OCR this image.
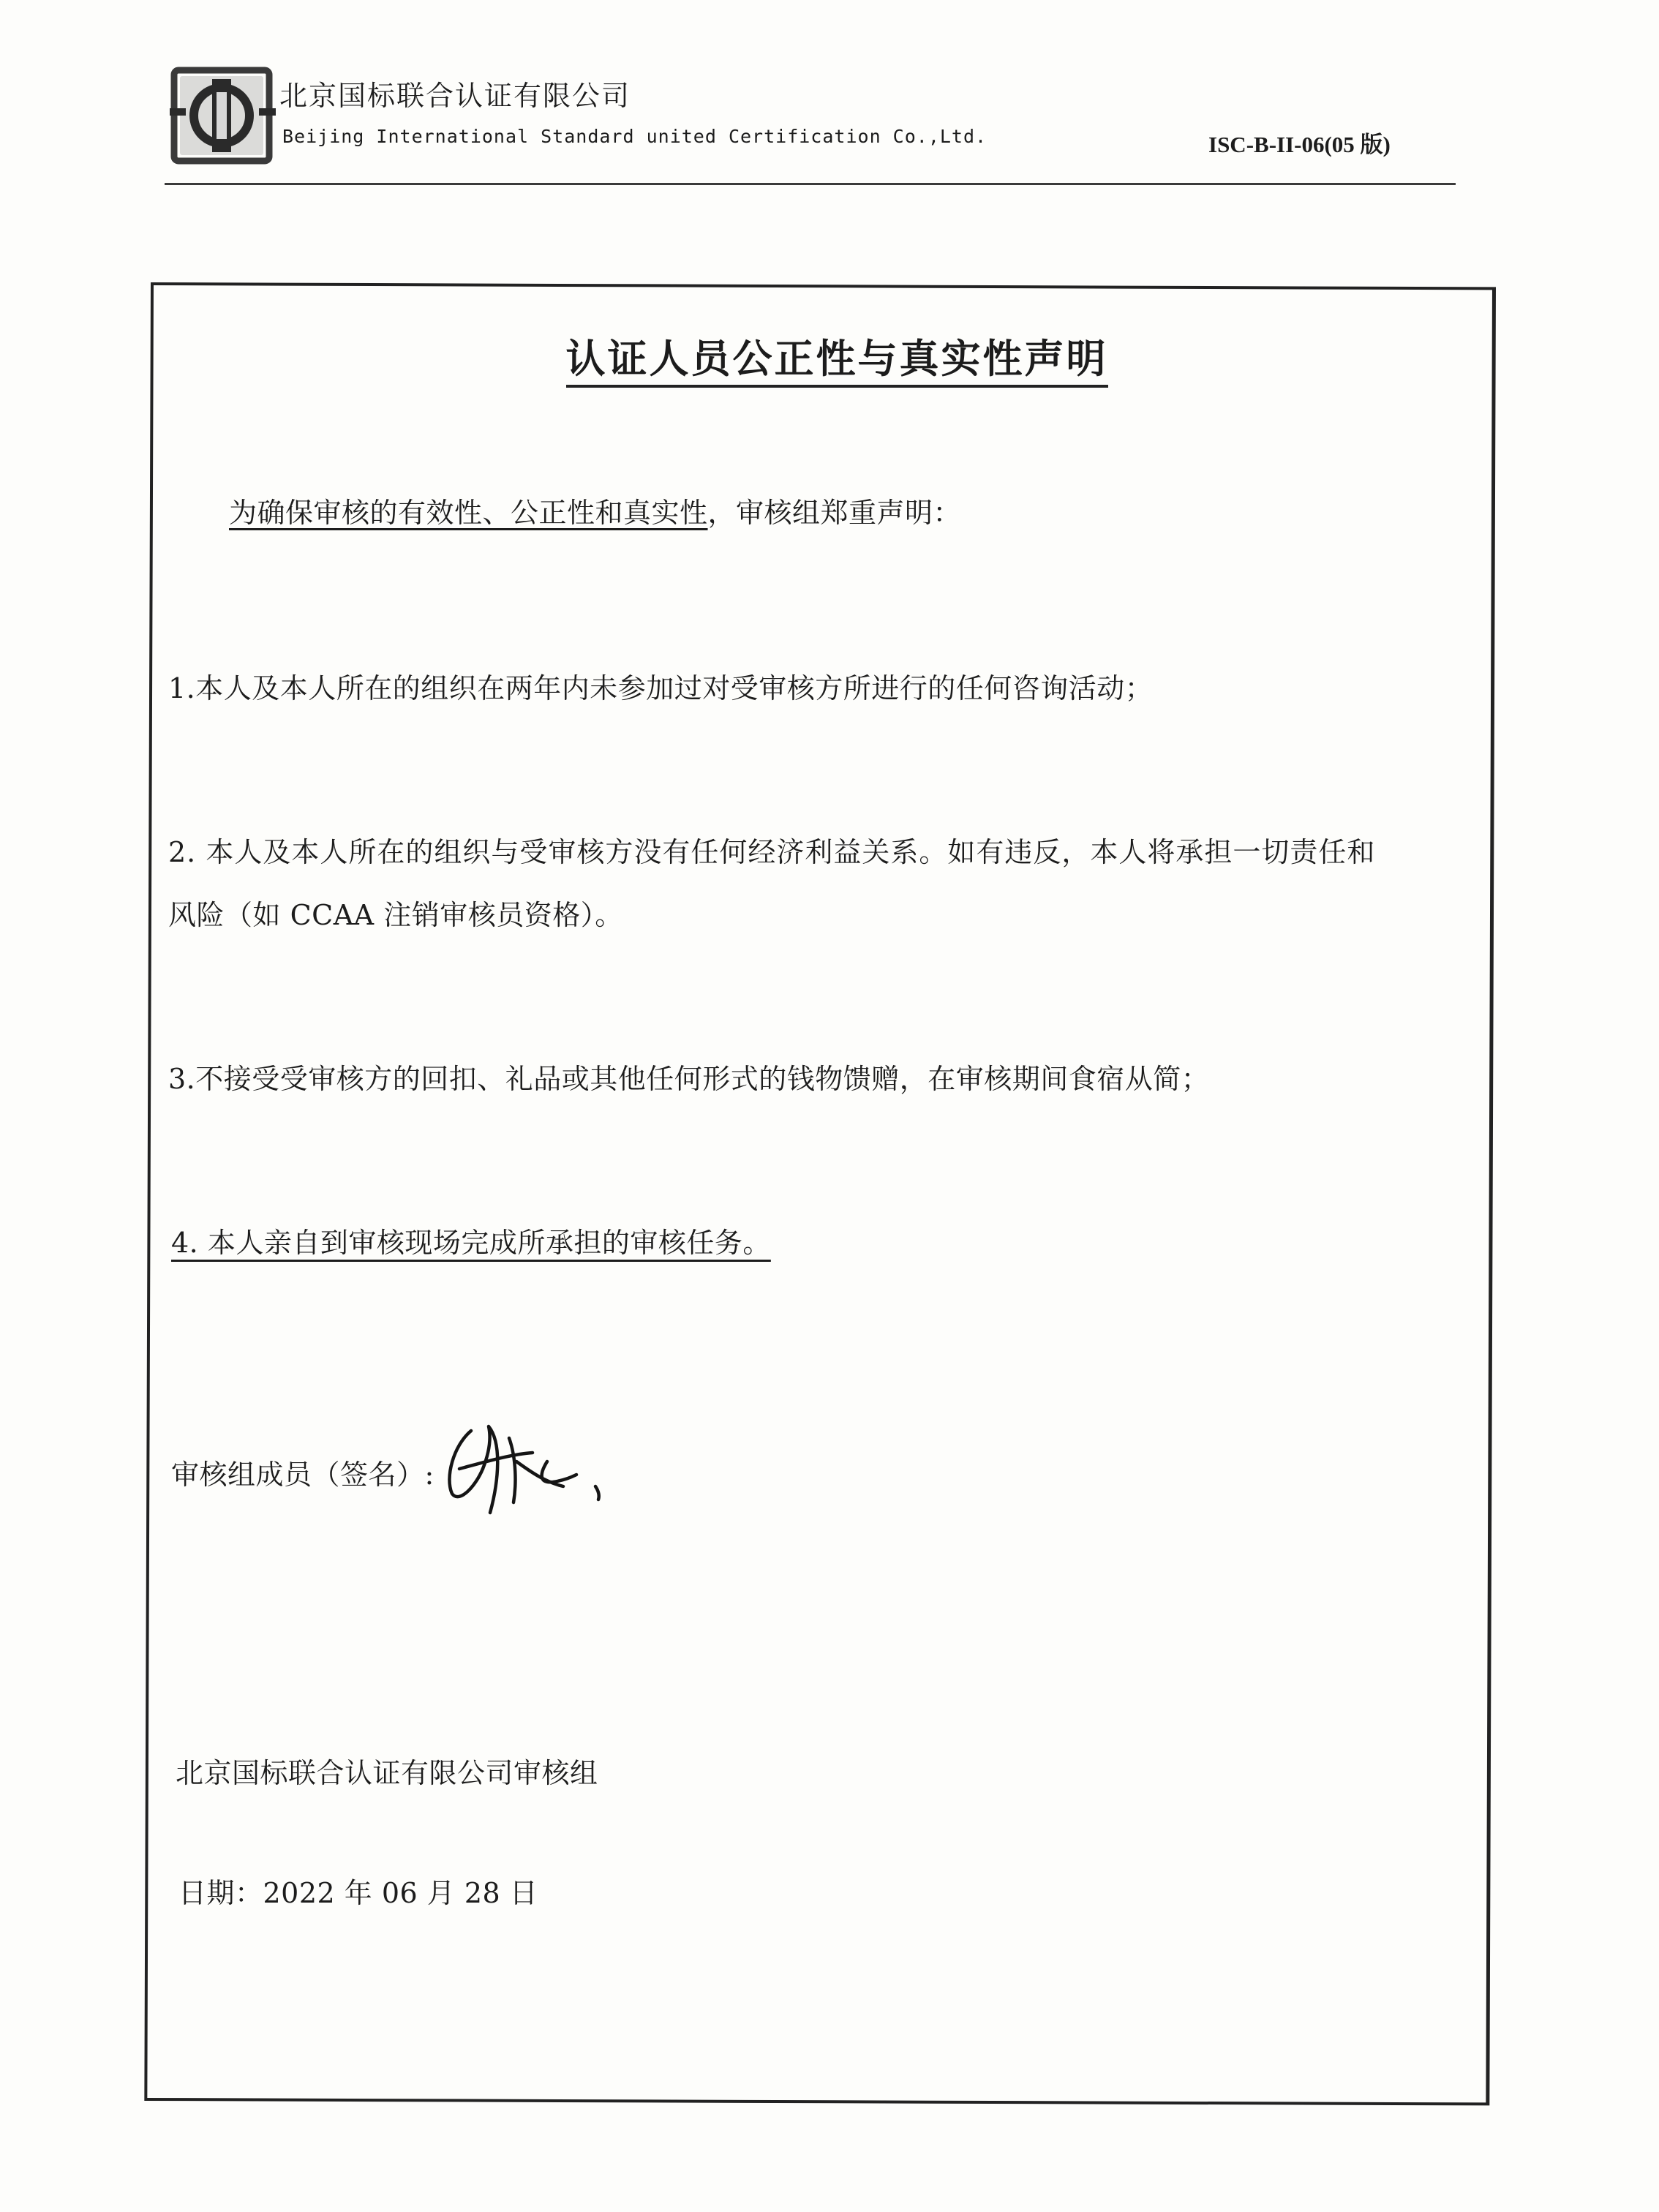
北京国标联合认证有限公司
Beijing International Standard united Certification Co.,Ltd.	ISC-B-II-06(05 版)
认证人员公正性与真实性声明
为确保审核的有效性、公正性和真实性，审核组郑重声明：
1.本人及本人所在的组织在两年内未参加过对受审核方所进行的任何咨询活动；
2. 本人及本人所在的组织与受审核方没有任何经济利益关系。如有违反，本人将承担一切责任和
风险（如 CCAA 注销审核员资格）。
3.不接受受审核方的回扣、礼品或其他任何形式的钱物馈赠，在审核期间食宿从简；
4. 本人亲自到审核现场完成所承担的审核任务。
审核组成员（签名）:
北京国标联合认证有限公司审核组
日期：2022 年 06 月 28 日
